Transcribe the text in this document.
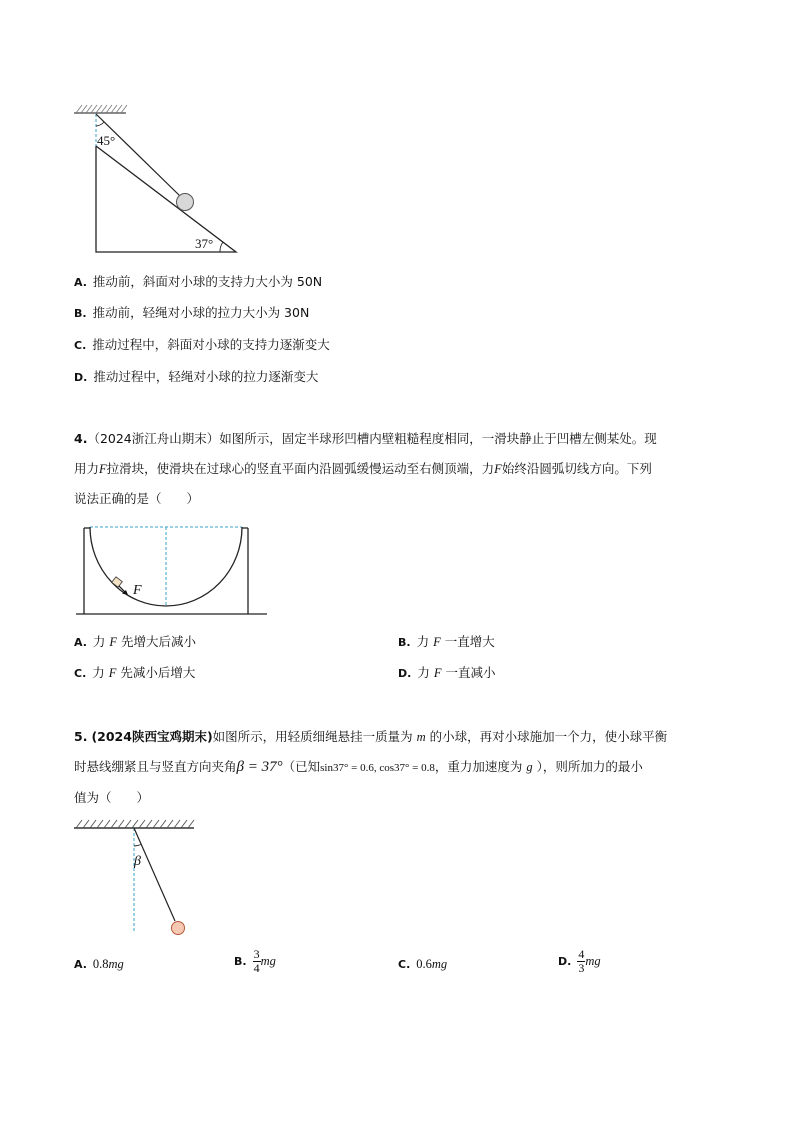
45°
37°
A. 推动前，斜面对小球的支持力大小为 50N
B. 推动前，轻绳对小球的拉力大小为 30N
C. 推动过程中，斜面对小球的支持力逐渐变大
D. 推动过程中，轻绳对小球的拉力逐渐变大
4.（2024浙江舟山期末）如图所示，固定半球形凹槽内壁粗糙程度相同，一滑块静止于凹槽左侧某处。现
用力F拉滑块，使滑块在过球心的竖直平面内沿圆弧缓慢运动至右侧顶端，力F始终沿圆弧切线方向。下列
说法正确的是（　　）
F
A. 力 F 先增大后减小	B. 力 F 一直增大
C. 力 F 先减小后增大	D. 力 F 一直减小
5. (2024陕西宝鸡期末)如图所示，用轻质细绳悬挂一质量为 m 的小球，再对小球施加一个力，使小球平衡
时悬线绷紧且与竖直方向夹角β = 37°（已知sin37° = 0.6, cos37° = 0.8，重力加速度为 g ），则所加力的最小
值为（　　）
β
A. 0.8mg	B. $\frac{3}{4}$ mg	C. 0.6mg	D. $\frac{4}{3}$ mg
